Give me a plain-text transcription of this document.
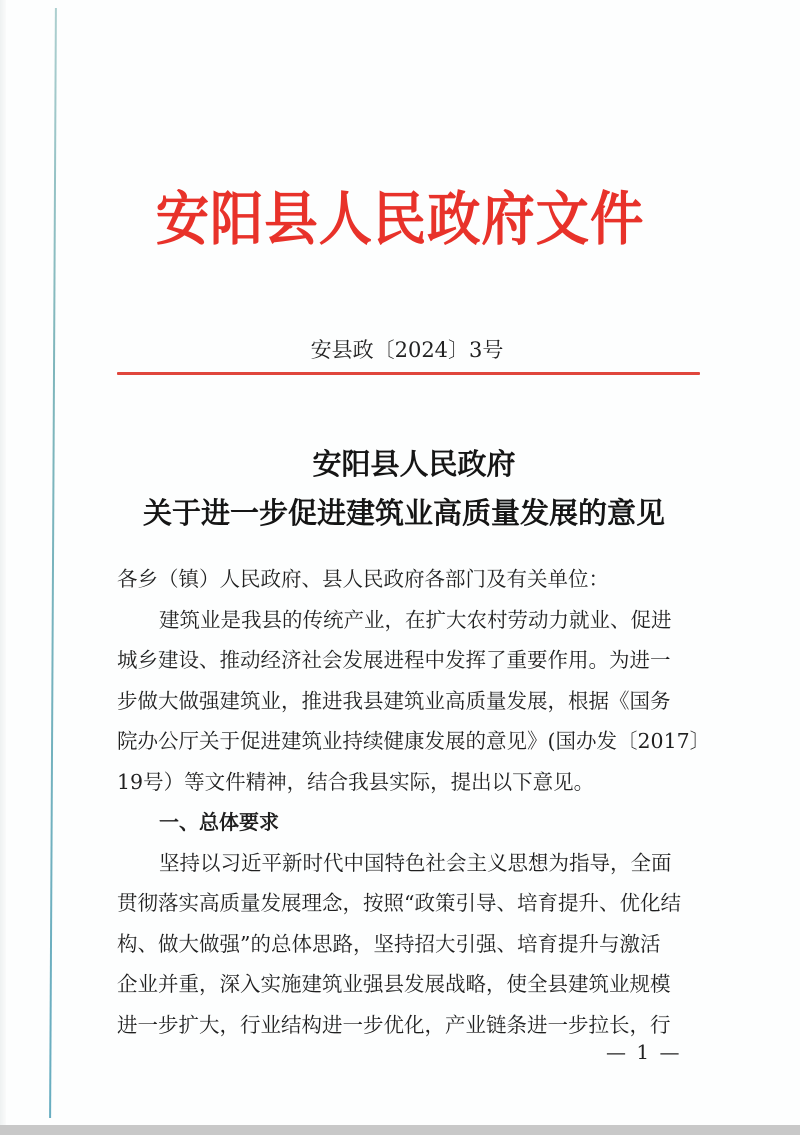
安阳县人民政府文件
安县政〔2024〕3号
安阳县人民政府
关于进一步促进建筑业高质量发展的意见
各乡（镇）人民政府、县人民政府各部门及有关单位：
建筑业是我县的传统产业，在扩大农村劳动力就业、促进
城乡建设、推动经济社会发展进程中发挥了重要作用。为进一
步做大做强建筑业，推进我县建筑业高质量发展，根据《国务
院办公厅关于促进建筑业持续健康发展的意见》(国办发〔2017〕
19号）等文件精神，结合我县实际，提出以下意见。
一、总体要求
坚持以习近平新时代中国特色社会主义思想为指导，全面
贯彻落实高质量发展理念，按照“政策引导、培育提升、优化结
构、做大做强”的总体思路，坚持招大引强、培育提升与激活
企业并重，深入实施建筑业强县发展战略，使全县建筑业规模
进一步扩大，行业结构进一步优化，产业链条进一步拉长，行
— 1 —
